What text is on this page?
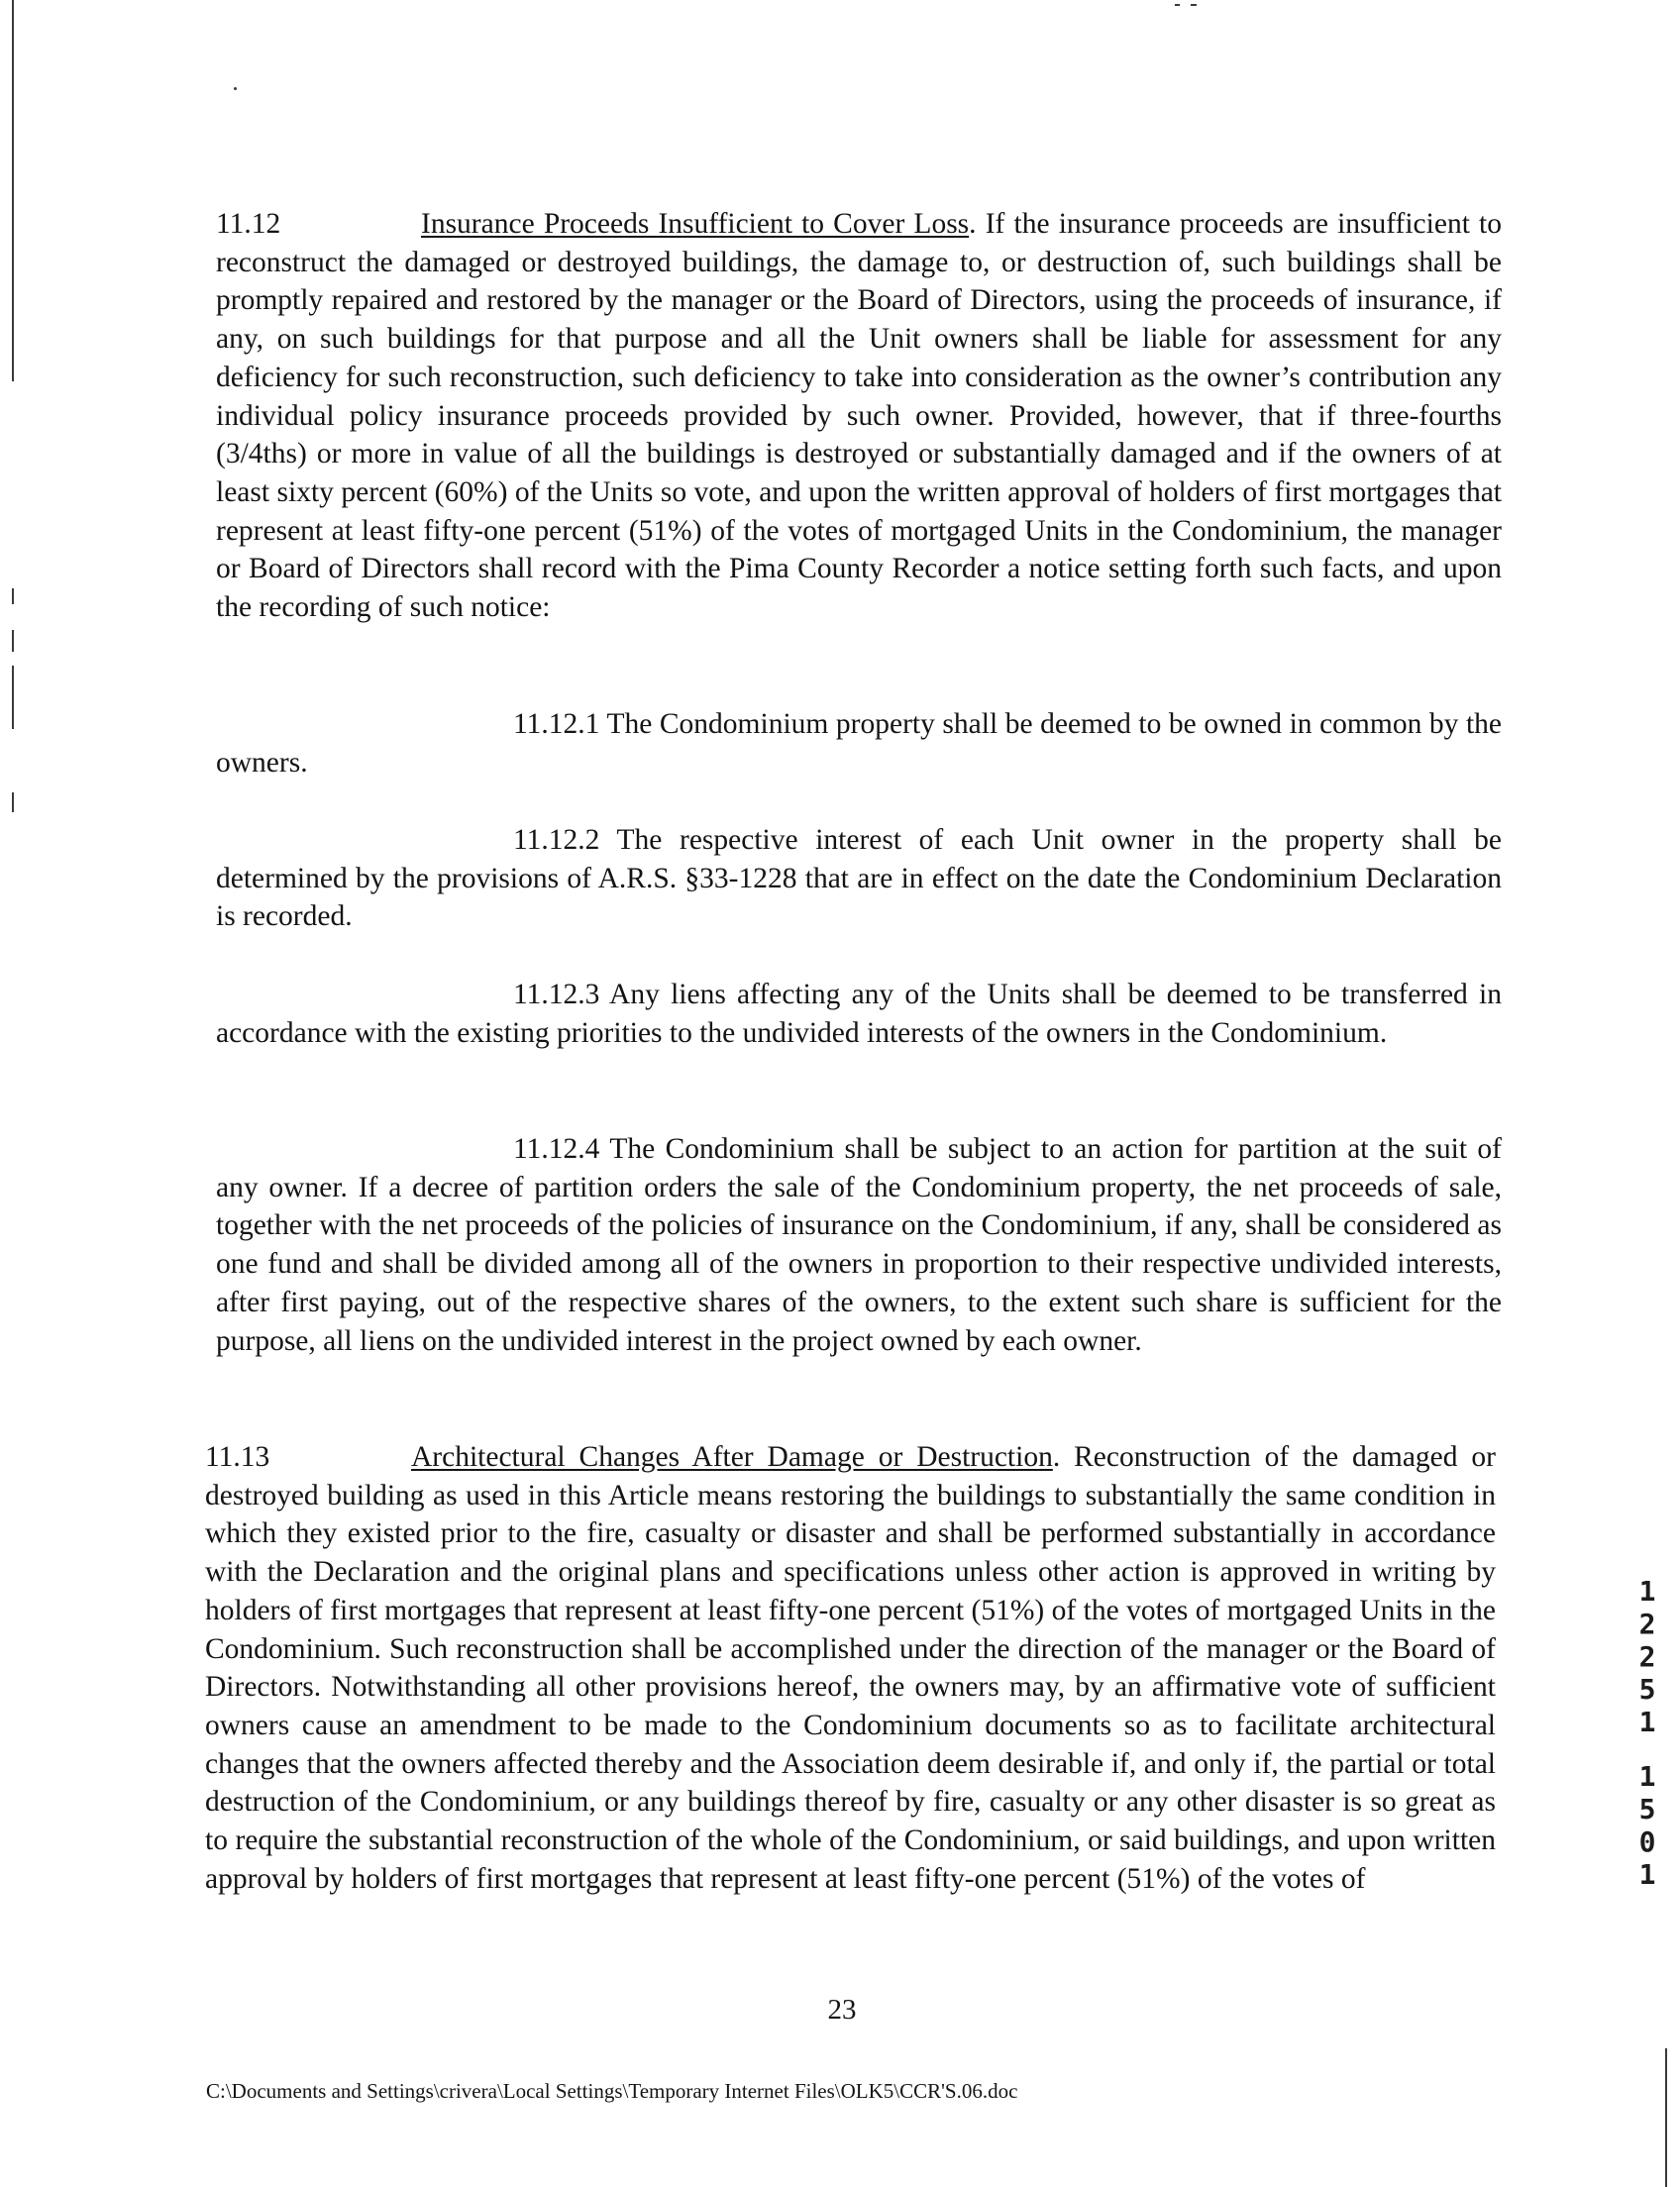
11.12	Insurance Proceeds Insufficient to Cover Loss. If the insurance proceeds are insufficient to reconstruct the damaged or destroyed buildings, the damage to, or destruction of, such buildings shall be promptly repaired and restored by the manager or the Board of Directors, using the proceeds of insurance, if any, on such buildings for that purpose and all the Unit owners shall be liable for assessment for any deficiency for such reconstruction, such deficiency to take into consideration as the owner’s contribution any individual policy insurance proceeds provided by such owner. Provided, however, that if three-fourths (3/4ths) or more in value of all the buildings is destroyed or substantially damaged and if the owners of at least sixty percent (60%) of the Units so vote, and upon the written approval of holders of first mortgages that represent at least fifty-one percent (51%) of the votes of mortgaged Units in the Condominium, the manager or Board of Directors shall record with the Pima County Recorder a notice setting forth such facts, and upon the recording of such notice:

11.12.1 The Condominium property shall be deemed to be owned in common by the owners.

11.12.2 The respective interest of each Unit owner in the property shall be determined by the provisions of A.R.S. §33-1228 that are in effect on the date the Condominium Declaration is recorded.

11.12.3 Any liens affecting any of the Units shall be deemed to be transferred in accordance with the existing priorities to the undivided interests of the owners in the Condominium.

11.12.4 The Condominium shall be subject to an action for partition at the suit of any owner. If a decree of partition orders the sale of the Condominium property, the net proceeds of sale, together with the net proceeds of the policies of insurance on the Condominium, if any, shall be considered as one fund and shall be divided among all of the owners in proportion to their respective undivided interests, after first paying, out of the respective shares of the owners, to the extent such share is sufficient for the purpose, all liens on the undivided interest in the project owned by each owner.

11.13	Architectural Changes After Damage or Destruction. Reconstruction of the damaged or destroyed building as used in this Article means restoring the buildings to substantially the same condition in which they existed prior to the fire, casualty or disaster and shall be performed substantially in accordance with the Declaration and the original plans and specifications unless other action is approved in writing by holders of first mortgages that represent at least fifty-one percent (51%) of the votes of mortgaged Units in the Condominium. Such reconstruction shall be accomplished under the direction of the manager or the Board of Directors. Notwithstanding all other provisions hereof, the owners may, by an affirmative vote of sufficient owners cause an amendment to be made to the Condominium documents so as to facilitate architectural changes that the owners affected thereby and the Association deem desirable if, and only if, the partial or total destruction of the Condominium, or any buildings thereof by fire, casualty or any other disaster is so great as to require the substantial reconstruction of the whole of the Condominium, or said buildings, and upon written approval by holders of first mortgages that represent at least fifty-one percent (51%) of the votes of

23
C:\Documents and Settings\crivera\Local Settings\Temporary Internet Files\OLK5\CCR'S.06.doc
1
2
2
5
1
1
5
0
1
